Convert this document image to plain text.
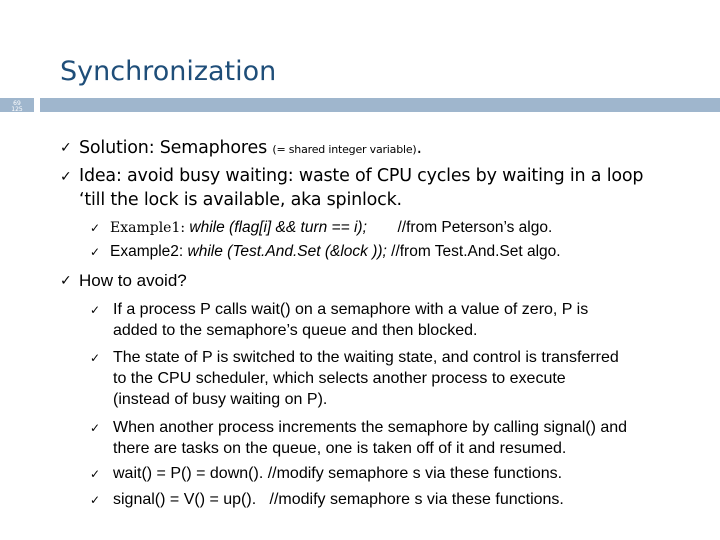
Synchronization
69
125
✓ Solution: Semaphores (= shared integer variable).
✓ Idea: avoid busy waiting: waste of CPU cycles by waiting in a loop
‘till the lock is available, aka spinlock.
✓ Example1: while (flag[i] && turn == i); //from Peterson’s algo.
✓ Example2: while (Test.And.Set (&lock )); //from Test.And.Set algo.
✓ How to avoid?
✓ If a process P calls wait() on a semaphore with a value of zero, P is
added to the semaphore’s queue and then blocked.
✓ The state of P is switched to the waiting state, and control is transferred
to the CPU scheduler, which selects another process to execute
(instead of busy waiting on P).
✓ When another process increments the semaphore by calling signal() and
there are tasks on the queue, one is taken off of it and resumed.
✓ wait() = P() = down(). //modify semaphore s via these functions.
✓ signal() = V() = up().   //modify semaphore s via these functions.
